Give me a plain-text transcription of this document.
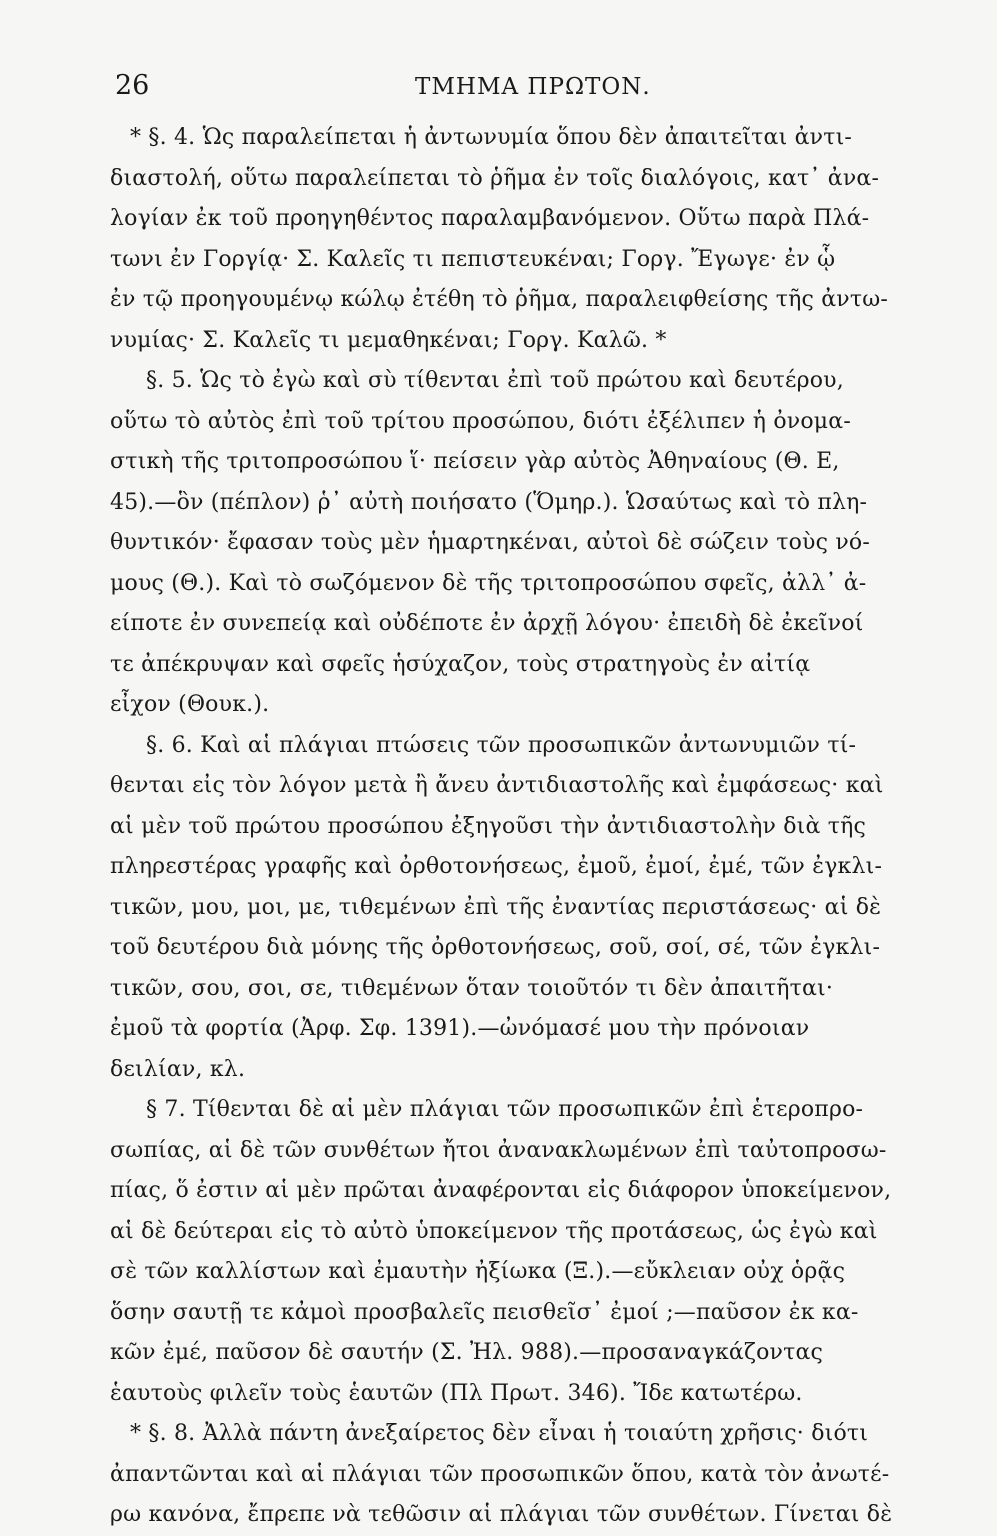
26	ΤΜΗΜΑ ΠΡΩΤΟΝ.
* §. 4. Ὡς παραλείπεται ἡ ἀντωνυμία ὅπου δὲν ἀπαιτεῖται ἀντι-
διαστολή, οὕτω παραλείπεται τὸ ῥῆμα ἐν τοῖς διαλόγοις, κατ᾽ ἀνα-
λογίαν ἐκ τοῦ προηγηθέντος παραλαμβανόμενον. Οὕτω παρὰ Πλά-
τωνι ἐν Γοργίᾳ· Σ. Καλεῖς τι πεπιστευκέναι; Γοργ. Ἔγωγε· ἐν ᾧ
ἐν τῷ προηγουμένῳ κώλῳ ἐτέθη τὸ ῥῆμα, παραλειφθείσης τῆς ἀντω-
νυμίας· Σ. Καλεῖς τι μεμαθηκέναι; Γοργ. Καλῶ. *
§. 5. Ὡς τὸ ἐγὼ καὶ σὺ τίθενται ἐπὶ τοῦ πρώτου καὶ δευτέρου,
οὕτω τὸ αὐτὸς ἐπὶ τοῦ τρίτου προσώπου, διότι ἐξέλιπεν ἡ ὀνομα-
στικὴ τῆς τριτοπροσώπου ἵ· πείσειν γὰρ αὐτὸς Ἀθηναίους (Θ. Ε,
45).—ὃν (πέπλον) ῥ᾽ αὐτὴ ποιήσατο (Ὅμηρ.). Ὡσαύτως καὶ τὸ πλη-
θυντικόν· ἔφασαν τοὺς μὲν ἡμαρτηκέναι, αὐτοὶ δὲ σώζειν τοὺς νό-
μους (Θ.). Καὶ τὸ σωζόμενον δὲ τῆς τριτοπροσώπου σφεῖς, ἀλλ᾽ ἀ-
είποτε ἐν συνεπείᾳ καὶ οὐδέποτε ἐν ἀρχῇ λόγου· ἐπειδὴ δὲ ἐκεῖνοί
τε ἀπέκρυψαν καὶ σφεῖς ἡσύχαζον, τοὺς στρατηγοὺς ἐν αἰτίᾳ
εἶχον (Θουκ.).
§. 6. Καὶ αἱ πλάγιαι πτώσεις τῶν προσωπικῶν ἀντωνυμιῶν τί-
θενται εἰς τὸν λόγον μετὰ ἢ ἄνευ ἀντιδιαστολῆς καὶ ἐμφάσεως· καὶ
αἱ μὲν τοῦ πρώτου προσώπου ἐξηγοῦσι τὴν ἀντιδιαστολὴν διὰ τῆς
πληρεστέρας γραφῆς καὶ ὀρθοτονήσεως, ἐμοῦ, ἐμοί, ἐμέ, τῶν ἐγκλι-
τικῶν, μου, μοι, με, τιθεμένων ἐπὶ τῆς ἐναντίας περιστάσεως· αἱ δὲ
τοῦ δευτέρου διὰ μόνης τῆς ὀρθοτονήσεως, σοῦ, σοί, σέ, τῶν ἐγκλι-
τικῶν, σου, σοι, σε, τιθεμένων ὅταν τοιοῦτόν τι δὲν ἀπαιτῆται·
ἐμοῦ τὰ φορτία (Ἀρφ. Σφ. 1391).—ὠνόμασέ μου τὴν πρόνοιαν
δειλίαν, κλ.
§ 7. Τίθενται δὲ αἱ μὲν πλάγιαι τῶν προσωπικῶν ἐπὶ ἑτεροπρο-
σωπίας, αἱ δὲ τῶν συνθέτων ἤτοι ἀνανακλωμένων ἐπὶ ταὐτοπροσω-
πίας, ὅ ἐστιν αἱ μὲν πρῶται ἀναφέρονται εἰς διάφορον ὑποκείμενον,
αἱ δὲ δεύτεραι εἰς τὸ αὐτὸ ὑποκείμενον τῆς προτάσεως, ὡς ἐγὼ καὶ
σὲ τῶν καλλίστων καὶ ἐμαυτὴν ἠξίωκα (Ξ.).—εὔκλειαν οὐχ ὁρᾷς
ὅσην σαυτῇ τε κἀμοὶ προσβαλεῖς πεισθεῖσ᾽ ἐμοί ;—παῦσον ἐκ κα-
κῶν ἐμέ, παῦσον δὲ σαυτήν (Σ. Ἠλ. 988).—προσαναγκάζοντας
ἑαυτοὺς φιλεῖν τοὺς ἑαυτῶν (Πλ Πρωτ. 346). Ἴδε κατωτέρω.
* §. 8. Ἀλλὰ πάντη ἀνεξαίρετος δὲν εἶναι ἡ τοιαύτη χρῆσις· διότι
ἀπαντῶνται καὶ αἱ πλάγιαι τῶν προσωπικῶν ὅπου, κατὰ τὸν ἀνωτέ-
ρω κανόνα, ἔπρεπε νὰ τεθῶσιν αἱ πλάγιαι τῶν συνθέτων. Γίνεται δὲ
